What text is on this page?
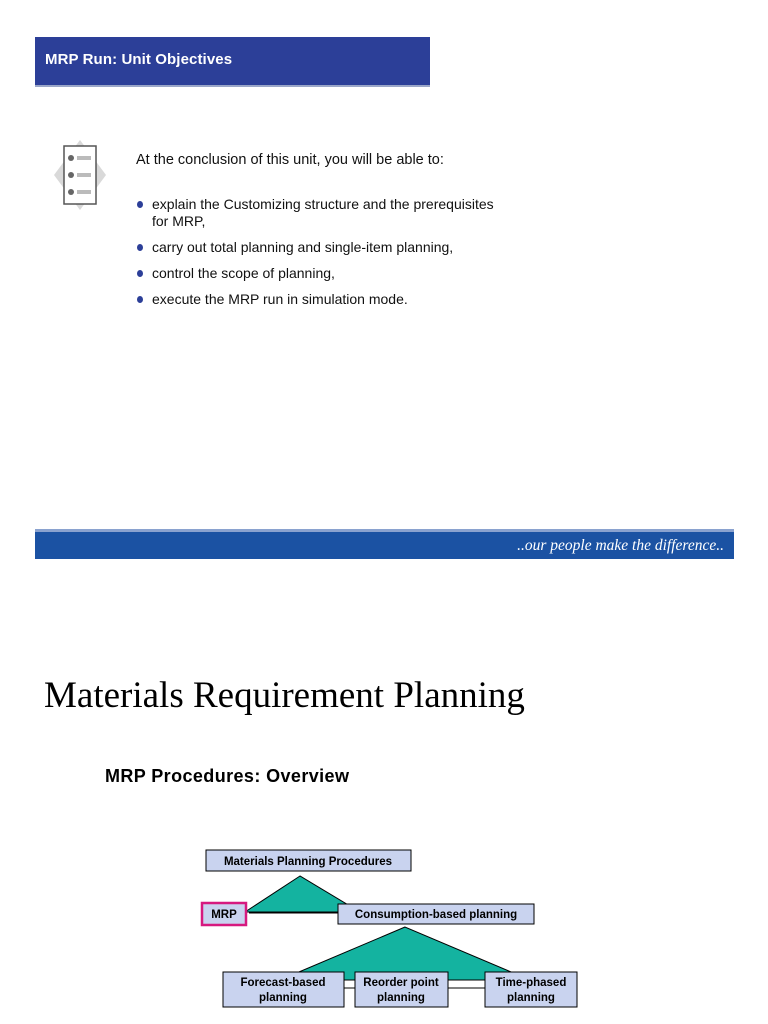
MRP Run: Unit Objectives
At the conclusion of this unit, you will be able to:
explain the Customizing structure and the prerequisites for MRP,
carry out total planning and single-item planning,
control the scope of planning,
execute the MRP run in simulation mode.
..our people make the difference..
Materials Requirement Planning
MRP Procedures: Overview
Materials Planning Procedures
MRP	Consumption-based planning
Forecast-based
planning
Reorder point
planning
Time-phased
planning
